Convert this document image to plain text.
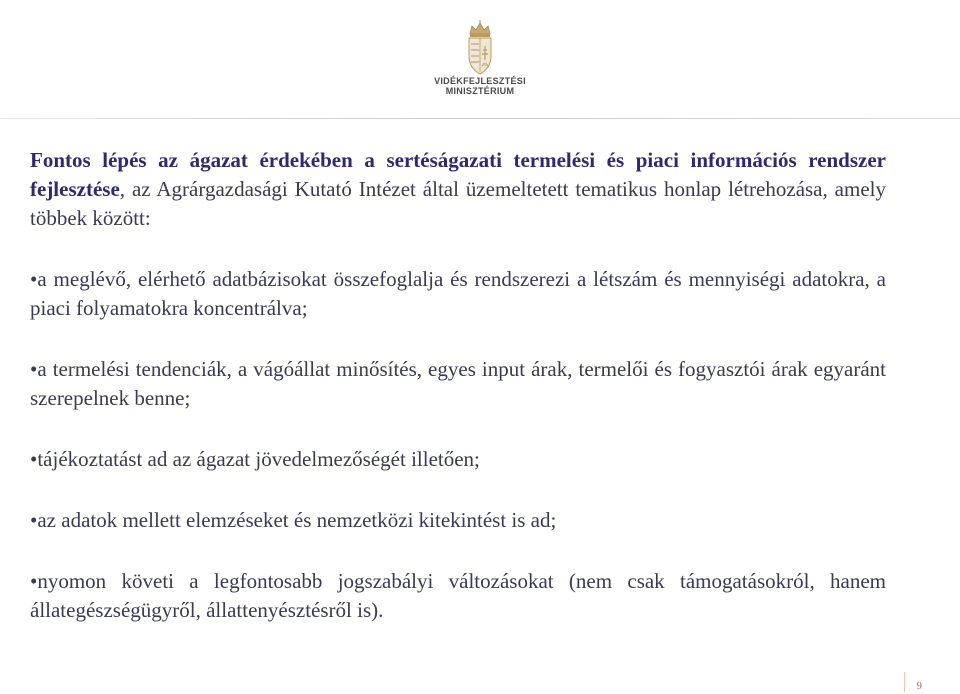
VIDÉKFEJLESZTÉSI
MINISZTÉRIUM

Fontos lépés az ágazat érdekében a sertéságazati termelési és piaci információs rendszer fejlesztése, az Agrárgazdasági Kutató Intézet által üzemeltetett tematikus honlap létrehozása, amely többek között:

•a meglévő, elérhető adatbázisokat összefoglalja és rendszerezi a létszám és mennyiségi adatokra, a piaci folyamatokra koncentrálva;

•a termelési tendenciák, a vágóállat minősítés, egyes input árak, termelői és fogyasztói árak egyaránt szerepelnek benne;

•tájékoztatást ad az ágazat jövedelmezőségét illetően;

•az adatok mellett elemzéseket és nemzetközi kitekintést is ad;

•nyomon követi a legfontosabb jogszabályi változásokat (nem csak támogatásokról, hanem állategészségügyről, állattenyésztésről is).

9
